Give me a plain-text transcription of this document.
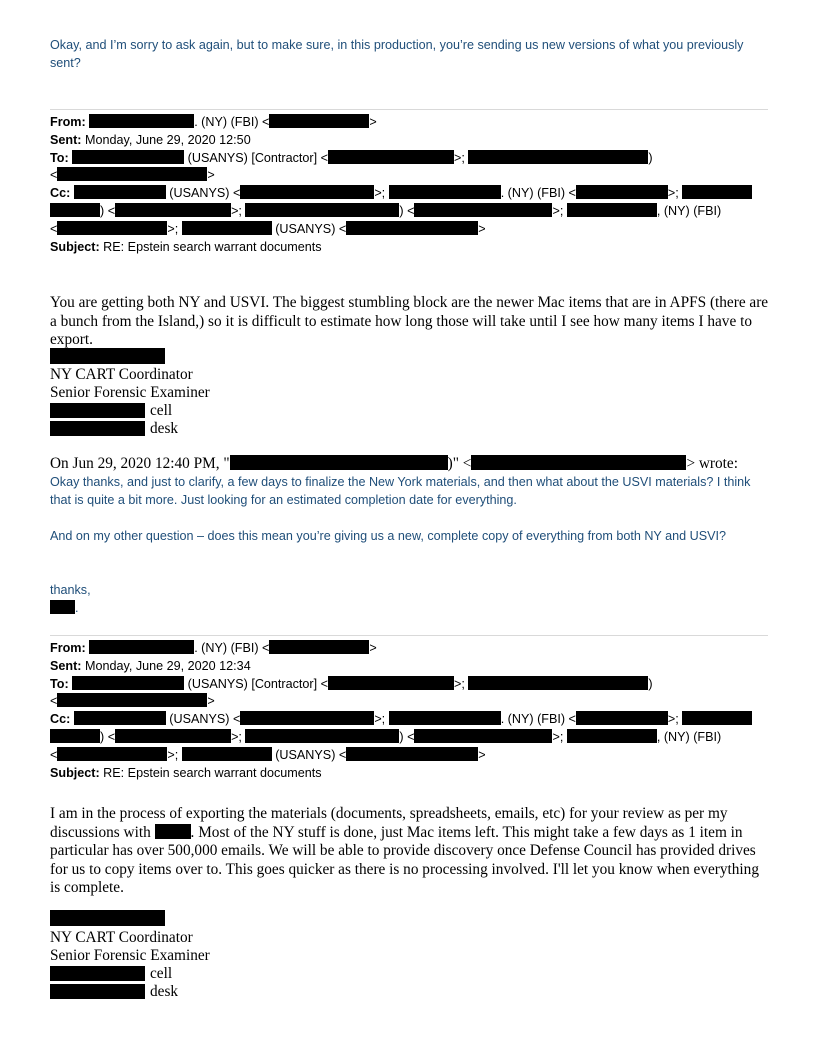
Okay, and I’m sorry to ask again, but to make sure, in this production, you’re sending us new versions of what you previously sent?
From:	. (NY) (FBI) <	>
Sent: Monday, June 29, 2020 12:50
To:	(USANYS) [Contractor] <	>;	)
<	>
Cc:	(USANYS) <	>;	. (NY) (FBI) <	>;
) <	>;	) <	>;	, (NY) (FBI)
<	>;	(USANYS) <	>
Subject: RE: Epstein search warrant documents
You are getting both NY and USVI. The biggest stumbling block are the newer Mac items that are in APFS (there are a bunch from the Island,) so it is difficult to estimate how long those will take until I see how many items I have to export.
NY CART Coordinator
Senior Forensic Examiner
cell
desk
On Jun 29, 2020 12:40 PM, "	)" <	> wrote:
Okay thanks, and just to clarify, a few days to finalize the New York materials, and then what about the USVI materials? I think that is quite a bit more. Just looking for an estimated completion date for everything.
And on my other question – does this mean you’re giving us a new, complete copy of everything from both NY and USVI?
thanks,
.
From:	. (NY) (FBI) <	>
Sent: Monday, June 29, 2020 12:34
To:	(USANYS) [Contractor] <	>;	)
<	>
Cc:	(USANYS) <	>;	. (NY) (FBI) <	>;
) <	>;	) <	>;	, (NY) (FBI)
<	>;	(USANYS) <	>
Subject: RE: Epstein search warrant documents
I am in the process of exporting the materials (documents, spreadsheets, emails, etc) for your review as per my discussions with . Most of the NY stuff is done, just Mac items left. This might take a few days as 1 item in particular has over 500,000 emails. We will be able to provide discovery once Defense Council has provided drives for us to copy items over to. This goes quicker as there is no processing involved. I'll let you know when everything is complete.
NY CART Coordinator
Senior Forensic Examiner
cell
desk
